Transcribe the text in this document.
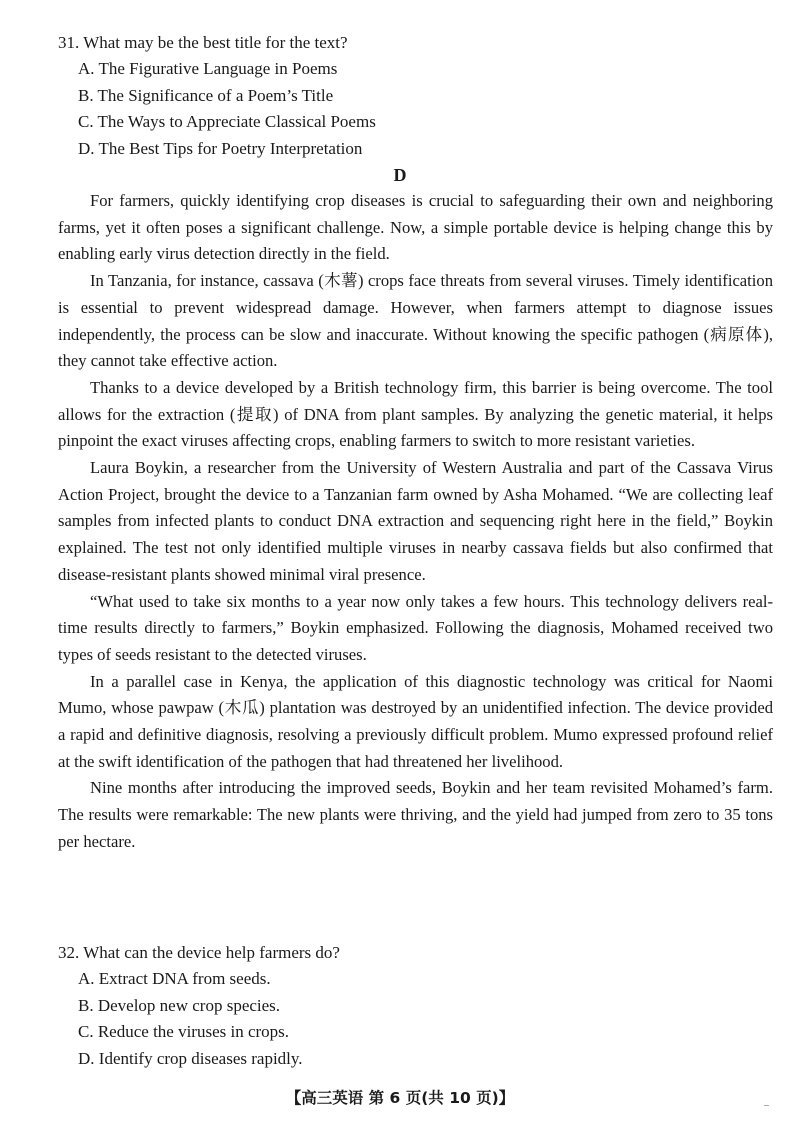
31. What may be the best title for the text?
A. The Figurative Language in Poems
B. The Significance of a Poem’s Title
C. The Ways to Appreciate Classical Poems
D. The Best Tips for Poetry Interpretation
D

For farmers, quickly identifying crop diseases is crucial to safeguarding their own and neighboring farms, yet it often poses a significant challenge. Now, a simple portable device is helping change this by enabling early virus detection directly in the field.

In Tanzania, for instance, cassava (木薯) crops face threats from several viruses. Timely identification is essential to prevent widespread damage. However, when farmers attempt to diagnose issues independently, the process can be slow and inaccurate. Without knowing the specific pathogen (病原体), they cannot take effective action.

Thanks to a device developed by a British technology firm, this barrier is being overcome. The tool allows for the extraction (提取) of DNA from plant samples. By analyzing the genetic material, it helps pinpoint the exact viruses affecting crops, enabling farmers to switch to more resistant varieties.

Laura Boykin, a researcher from the University of Western Australia and part of the Cassava Virus Action Project, brought the device to a Tanzanian farm owned by Asha Mohamed. “We are collecting leaf samples from infected plants to conduct DNA extraction and sequencing right here in the field,” Boykin explained. The test not only identified multiple viruses in nearby cassava fields but also confirmed that disease-resistant plants showed minimal viral presence.

“What used to take six months to a year now only takes a few hours. This technology delivers real-time results directly to farmers,” Boykin emphasized. Following the diagnosis, Mohamed received two types of seeds resistant to the detected viruses.

In a parallel case in Kenya, the application of this diagnostic technology was critical for Naomi Mumo, whose pawpaw (木瓜) plantation was destroyed by an unidentified infection. The device provided a rapid and definitive diagnosis, resolving a previously difficult problem. Mumo expressed profound relief at the swift identification of the pathogen that had threatened her livelihood.

Nine months after introducing the improved seeds, Boykin and her team revisited Mohamed’s farm. The results were remarkable: The new plants were thriving, and the yield had jumped from zero to 35 tons per hectare.

32. What can the device help farmers do?
A. Extract DNA from seeds.
B. Develop new crop species.
C. Reduce the viruses in crops.
D. Identify crop diseases rapidly.
【高三英语 第 6 页(共 10 页)】	–
